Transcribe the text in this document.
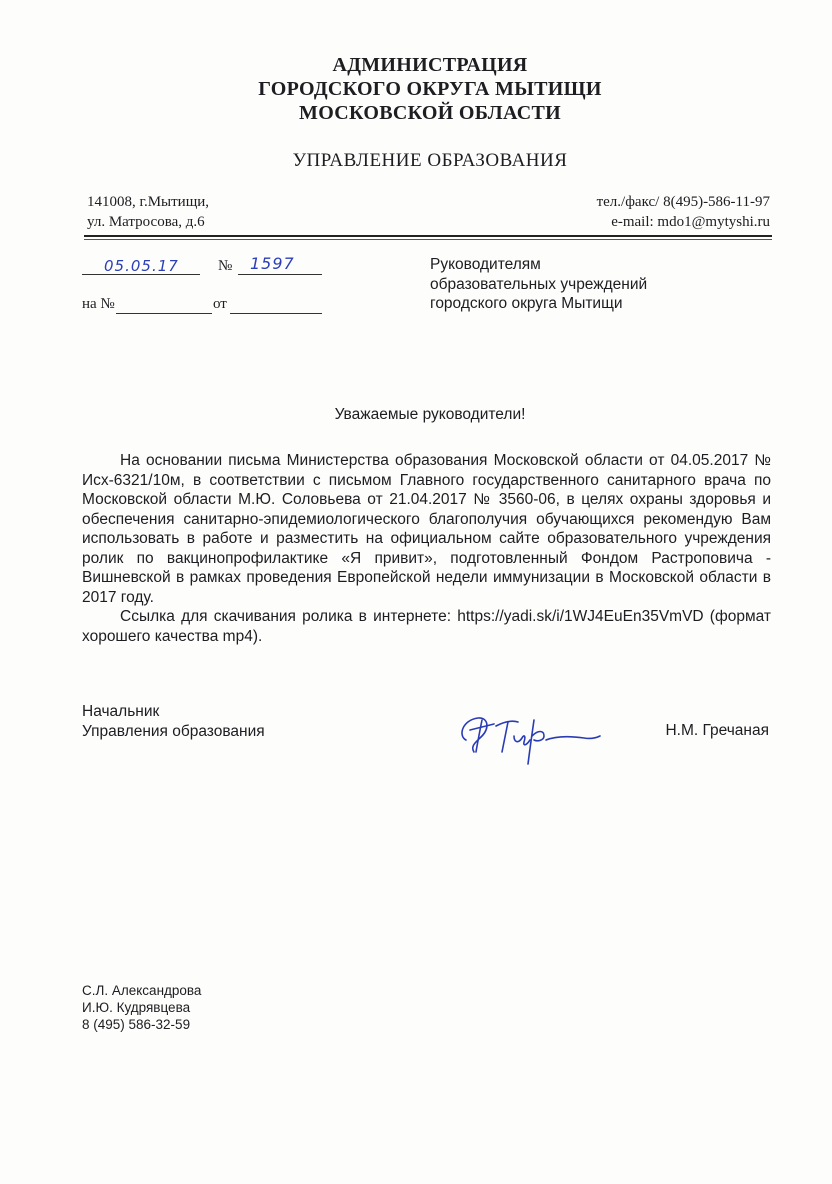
АДМИНИСТРАЦИЯ
ГОРОДСКОГО ОКРУГА МЫТИЩИ
МОСКОВСКОЙ ОБЛАСТИ
УПРАВЛЕНИЕ ОБРАЗОВАНИЯ
141008, г.Мытищи,
ул. Матросова, д.6
тел./факс/ 8(495)-586-11-97
e-mail: mdo1@mytyshi.ru
05.05.17	№ 1597
на №	от
Руководителям
образовательных учреждений
городского округа Мытищи
Уважаемые руководители!

На основании письма Министерства образования Московской области от 04.05.2017 № Исх-6321/10м, в соответствии с письмом Главного государственного санитарного врача по Московской области М.Ю. Соловьева от 21.04.2017 № 3560-06, в целях охраны здоровья и обеспечения санитарно-эпидемиологического благополучия обучающихся рекомендую Вам использовать в работе и разместить на официальном сайте образовательного учреждения ролик по вакцинопрофилактике «Я привит», подготовленный Фондом Растроповича - Вишневской в рамках проведения Европейской недели иммунизации в Московской области в 2017 году.

Ссылка для скачивания ролика в интернете: https://yadi.sk/i/1WJ4EuEn35VmVD (формат хорошего качества mp4).

Начальник
Управления образования	Н.М. Гречаная
С.Л. Александрова
И.Ю. Кудрявцева
8 (495) 586-32-59
